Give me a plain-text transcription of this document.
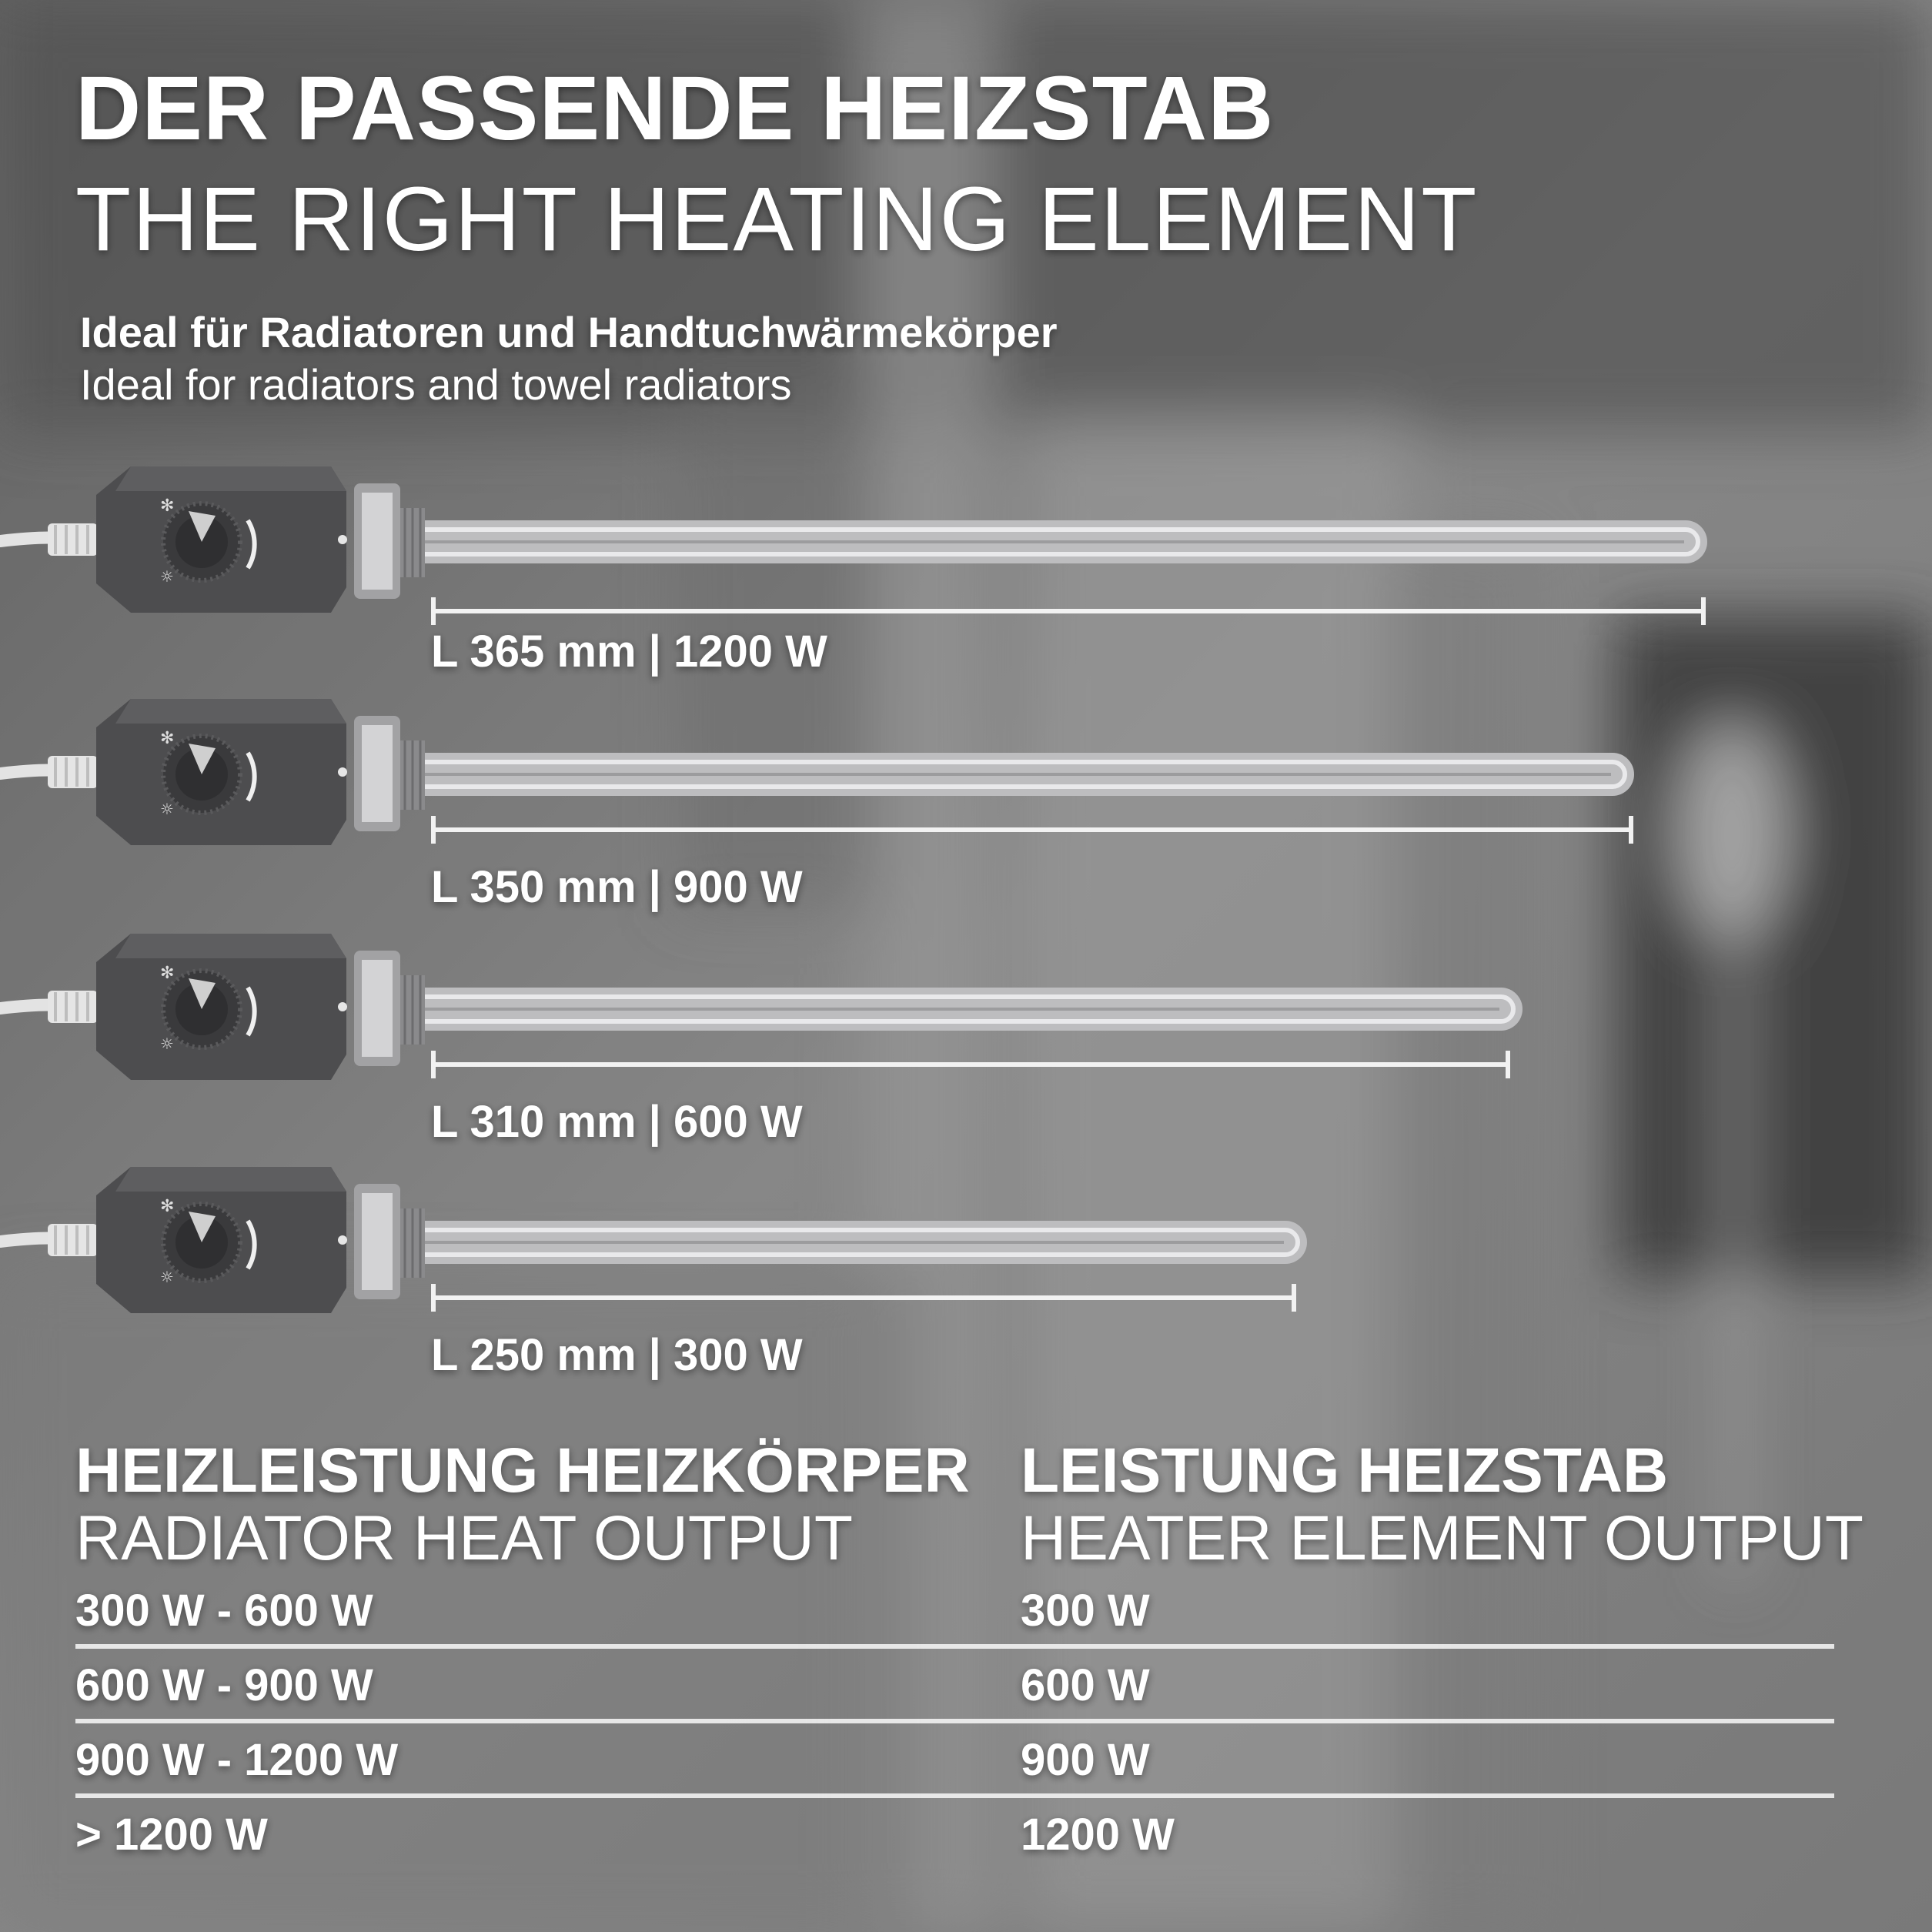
DER PASSENDE HEIZSTAB
THE RIGHT HEATING ELEMENT
Ideal für Radiatoren und Handtuchwärmekörper
Ideal for radiators and towel radiators
✻
☼
L 365 mm | 1200 W
✻
☼
L 350 mm | 900 W
✻
☼
L 310 mm | 600 W
✻
☼
L 250 mm | 300 W
HEIZLEISTUNG HEIZKÖRPER
RADIATOR HEAT OUTPUT
LEISTUNG HEIZSTAB
HEATER ELEMENT OUTPUT
300 W - 600 W	300 W
600 W - 900 W	600 W
900 W - 1200 W	900 W
> 1200 W	1200 W
